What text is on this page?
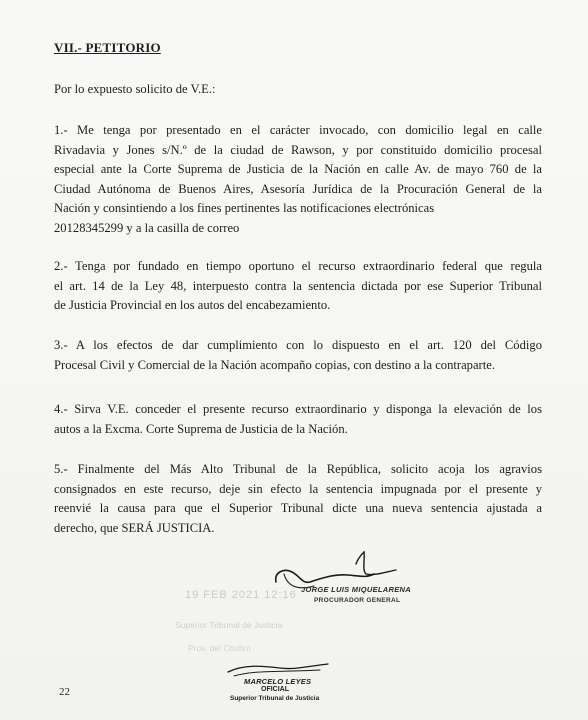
VII.- PETITORIO
Por lo expuesto solicito de V.E.:
1.- Me tenga por presentado en el carácter invocado, con domicilio legal en calle
Rivadavia y Jones s/N.º de la ciudad de Rawson, y por constituido domicilio procesal
especial ante la Corte Suprema de Justicia de la Nación en calle Av. de mayo 760 de la
Ciudad Autónoma de Buenos Aires, Asesoría Jurídica de la Procuración General de la
Nación y consintiendo a los fines pertinentes las notificaciones electrónicas
20128345299 y a la casilla de correo
2.- Tenga por fundado en tiempo oportuno el recurso extraordinario federal que regula
el art. 14 de la Ley 48, interpuesto contra la sentencia dictada por ese Superior Tribunal
de Justicia Provincial en los autos del encabezamiento.
3.- A los efectos de dar cumplimiento con lo dispuesto en el art. 120 del Código
Procesal Civil y Comercial de la Nación acompaño copias, con destino a la contraparte.
4.- Sirva V.E. conceder el presente recurso extraordinario y disponga la elevación de los
autos a la Excma. Corte Suprema de Justicia de la Nación.
5.- Finalmente del Más Alto Tribunal de la República, solicito acoja los agravios
consignados en este recurso, deje sin efecto la sentencia impugnada por el presente y
reenvié la causa para que el Superior Tribunal dicte una nueva sentencia ajustada a
derecho, que SERÁ JUSTICIA.
19 FEB 2021 12:16
Superior Tribunal de Justicia
Prov. del Chubut
JORGE LUIS MIQUELARENA
PROCURADOR GENERAL
MARCELO LEYES
OFICIAL
Superior Tribunal de Justicia
22
